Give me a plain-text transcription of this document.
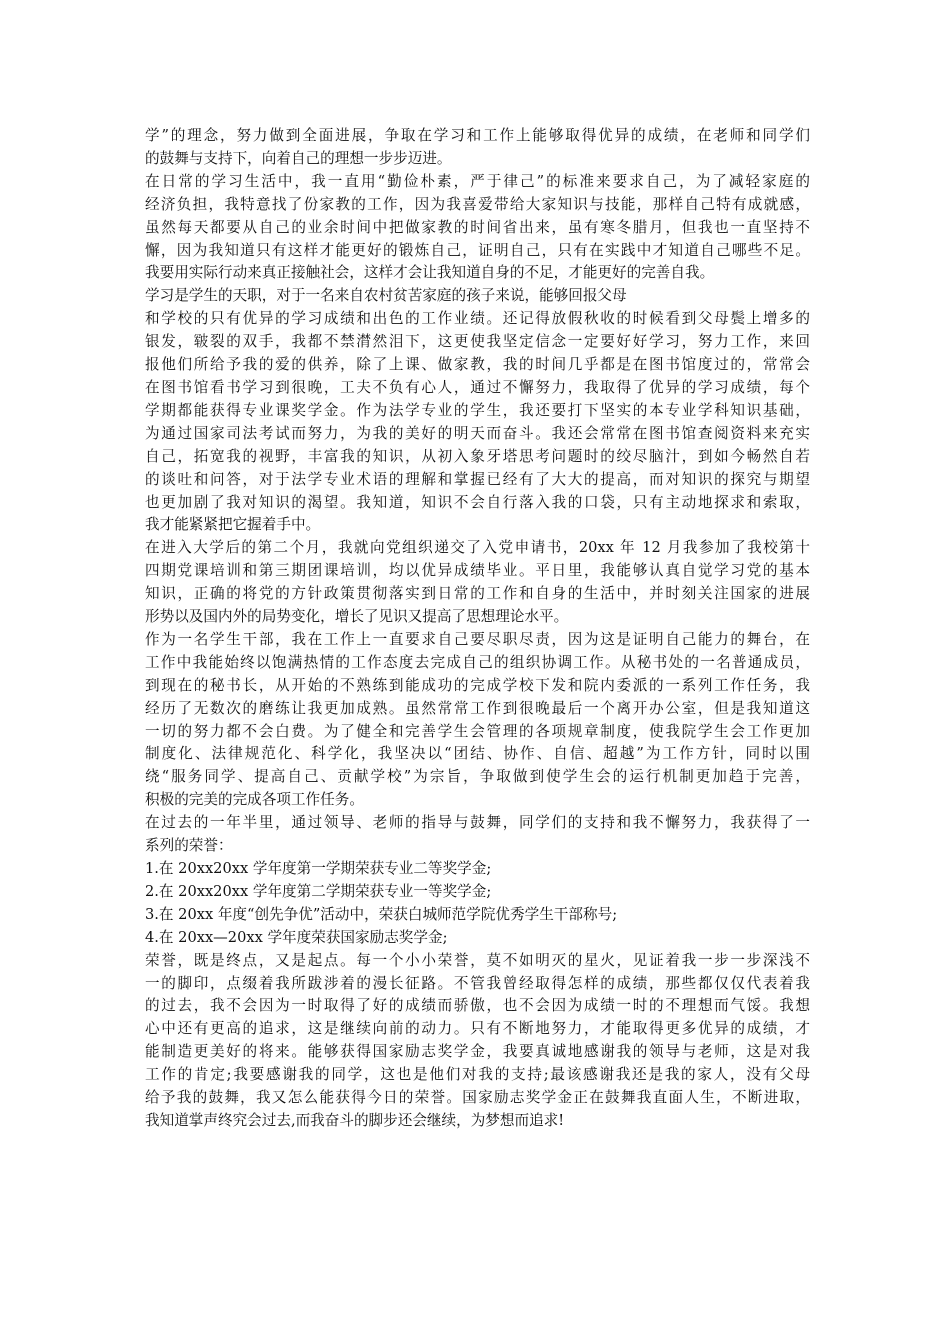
学”的理念，努力做到全面进展，争取在学习和工作上能够取得优异的成绩，在老师和同学们
的鼓舞与支持下，向着自己的理想一步步迈进。
在日常的学习生活中，我一直用“勤俭朴素，严于律己”的标准来要求自己，为了减轻家庭的
经济负担，我特意找了份家教的工作，因为我喜爱带给大家知识与技能，那样自己特有成就感，
虽然每天都要从自己的业余时间中把做家教的时间省出来，虽有寒冬腊月，但我也一直坚持不
懈，因为我知道只有这样才能更好的锻炼自己，证明自己，只有在实践中才知道自己哪些不足。
我要用实际行动来真正接触社会，这样才会让我知道自身的不足，才能更好的完善自我。
学习是学生的天职，对于一名来自农村贫苦家庭的孩子来说，能够回报父母
和学校的只有优异的学习成绩和出色的工作业绩。还记得放假秋收的时候看到父母鬓上增多的
银发，皲裂的双手，我都不禁潸然泪下，这更使我坚定信念一定要好好学习，努力工作，来回
报他们所给予我的爱的供养，除了上课、做家教，我的时间几乎都是在图书馆度过的，常常会
在图书馆看书学习到很晚，工夫不负有心人，通过不懈努力，我取得了优异的学习成绩，每个
学期都能获得专业课奖学金。作为法学专业的学生，我还要打下坚实的本专业学科知识基础，
为通过国家司法考试而努力，为我的美好的明天而奋斗。我还会常常在图书馆查阅资料来充实
自己，拓宽我的视野，丰富我的知识，从初入象牙塔思考问题时的绞尽脑汁，到如今畅然自若
的谈吐和问答，对于法学专业术语的理解和掌握已经有了大大的提高，而对知识的探究与期望
也更加剧了我对知识的渴望。我知道，知识不会自行落入我的口袋，只有主动地探求和索取，
我才能紧紧把它握着手中。
在进入大学后的第二个月，我就向党组织递交了入党申请书，20xx 年 12 月我参加了我校第十
四期党课培训和第三期团课培训，均以优异成绩毕业。平日里，我能够认真自觉学习党的基本
知识，正确的将党的方针政策贯彻落实到日常的工作和自身的生活中，并时刻关注国家的进展
形势以及国内外的局势变化，增长了见识又提高了思想理论水平。
作为一名学生干部，我在工作上一直要求自己要尽职尽责，因为这是证明自己能力的舞台，在
工作中我能始终以饱满热情的工作态度去完成自己的组织协调工作。从秘书处的一名普通成员，
到现在的秘书长，从开始的不熟练到能成功的完成学校下发和院内委派的一系列工作任务，我
经历了无数次的磨练让我更加成熟。虽然常常工作到很晚最后一个离开办公室，但是我知道这
一切的努力都不会白费。为了健全和完善学生会管理的各项规章制度，使我院学生会工作更加
制度化、法律规范化、科学化，我坚决以“团结、协作、自信、超越”为工作方针，同时以围
绕“服务同学、提高自己、贡献学校”为宗旨，争取做到使学生会的运行机制更加趋于完善，
积极的完美的完成各项工作任务。
在过去的一年半里，通过领导、老师的指导与鼓舞，同学们的支持和我不懈努力，我获得了一
系列的荣誉：
1.在 20xx20xx 学年度第一学期荣获专业二等奖学金;
2.在 20xx20xx 学年度第二学期荣获专业一等奖学金;
3.在 20xx 年度“创先争优”活动中，荣获白城师范学院优秀学生干部称号;
4.在 20xx—20xx 学年度荣获国家励志奖学金;
荣誉，既是终点，又是起点。每一个小小荣誉，莫不如明灭的星火，见证着我一步一步深浅不
一的脚印，点缀着我所跋涉着的漫长征路。不管我曾经取得怎样的成绩，那些都仅仅代表着我
的过去，我不会因为一时取得了好的成绩而骄傲，也不会因为成绩一时的不理想而气馁。我想
心中还有更高的追求，这是继续向前的动力。只有不断地努力，才能取得更多优异的成绩，才
能制造更美好的将来。能够获得国家励志奖学金，我要真诚地感谢我的领导与老师，这是对我
工作的肯定;我要感谢我的同学，这也是他们对我的支持;最该感谢我还是我的家人，没有父母
给予我的鼓舞，我又怎么能获得今日的荣誉。国家励志奖学金正在鼓舞我直面人生，不断进取，
我知道掌声终究会过去,而我奋斗的脚步还会继续，为梦想而追求!
